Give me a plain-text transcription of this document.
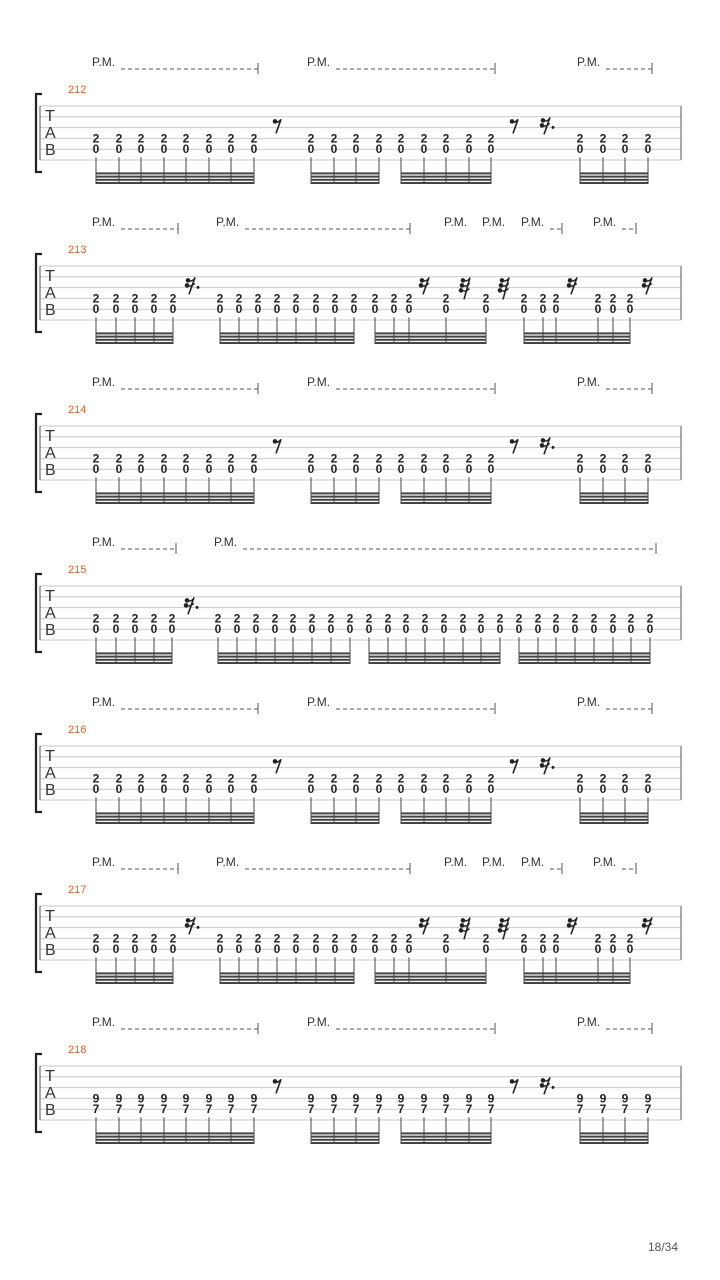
T
A
B
212
P.M.	P.M.	P.M.
2
0
2
0
2
0
2
0
2
0
2
0
2
0
2
0
2
0
2
0
2
0
2
0
2
0
2
0
2
0
2
0
2
0
2
0
2
0
2
0
2
0
T
A
B
213
P.M.	P.M.	P.M. P.M. P.M.	P.M.
2
0
2
0
2
0
2
0
2
0
2
0
2
0
2
0
2
0
2
0
2
0
2
0
2
0
2
0
2
0
2
0
2
0
2
0
2
0
2
0
2
0
2
0
2
0
2
0
T
A
B
214
P.M.	P.M.	P.M.
2
0
2
0
2
0
2
0
2
0
2
0
2
0
2
0
2
0
2
0
2
0
2
0
2
0
2
0
2
0
2
0
2
0
2
0
2
0
2
0
2
0
T
A
B
215
P.M.	P.M.
2
0
2
0
2
0
2
0
2
0
2
0
2
0
2
0
2
0
2
0
2
0
2
0
2
0
2
0
2
0
2
0
2
0
2
0
2
0
2
0
2
0
2
0
2
0
2
0
2
0
2
0
2
0
2
0
2
0
T
A
B
216
P.M.	P.M.	P.M.
2
0
2
0
2
0
2
0
2
0
2
0
2
0
2
0
2
0
2
0
2
0
2
0
2
0
2
0
2
0
2
0
2
0
2
0
2
0
2
0
2
0
T
A
B
217
P.M.	P.M.	P.M. P.M. P.M.	P.M.
2
0
2
0
2
0
2
0
2
0
2
0
2
0
2
0
2
0
2
0
2
0
2
0
2
0
2
0
2
0
2
0
2
0
2
0
2
0
2
0
2
0
2
0
2
0
2
0
T
A
B
218
P.M.	P.M.	P.M.
9
7
9
7
9
7
9
7
9
7
9
7
9
7
9
7
9
7
9
7
9
7
9
7
9
7
9
7
9
7
9
7
9
7
9
7
9
7
9
7
9
7
18/34
